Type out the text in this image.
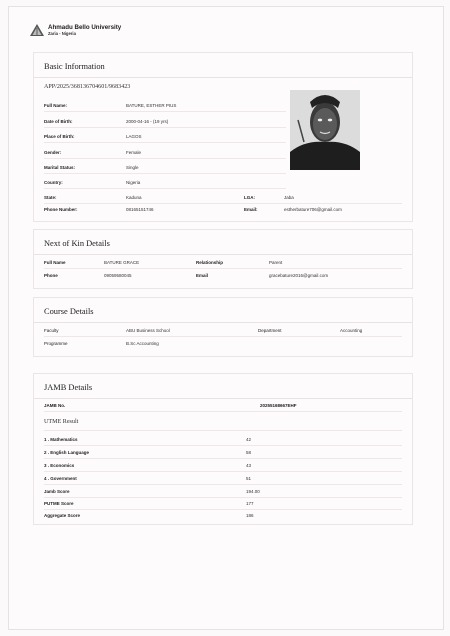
Ahmadu Bello University
Zaria - Nigeria
Basic Information
APP/2025/368136704601/9683423
Full Name:	BATURE, ESTHER PIUS
Date of Birth:	2000-04-16 - (19 yrs)
Place of Birth:	LAGOS
Gender:	Female
Marital Status:	Single
Country:	Nigeria
State:	Kaduna	LGA:	Jaba
Phone Number:	08165151746	Email:	estherbature706@gmail.com
Next of Kin Details
Full Name	BATURE GRACE	Relationship	Parent
Phone	09059580045	Email	gracebature2016@gmail.com
Course Details
Faculty	ABU Business School	Department	Accounting
Programme	B.Sc Accounting
JAMB Details
JAMB No.	20255168667EHF
UTME Result
1 . Mathematics	42
2 . English Language	58
3 . Economics	43
4 . Government	51
Jamb Score	194.00
PUTME Score	177
Aggregate Score	186
